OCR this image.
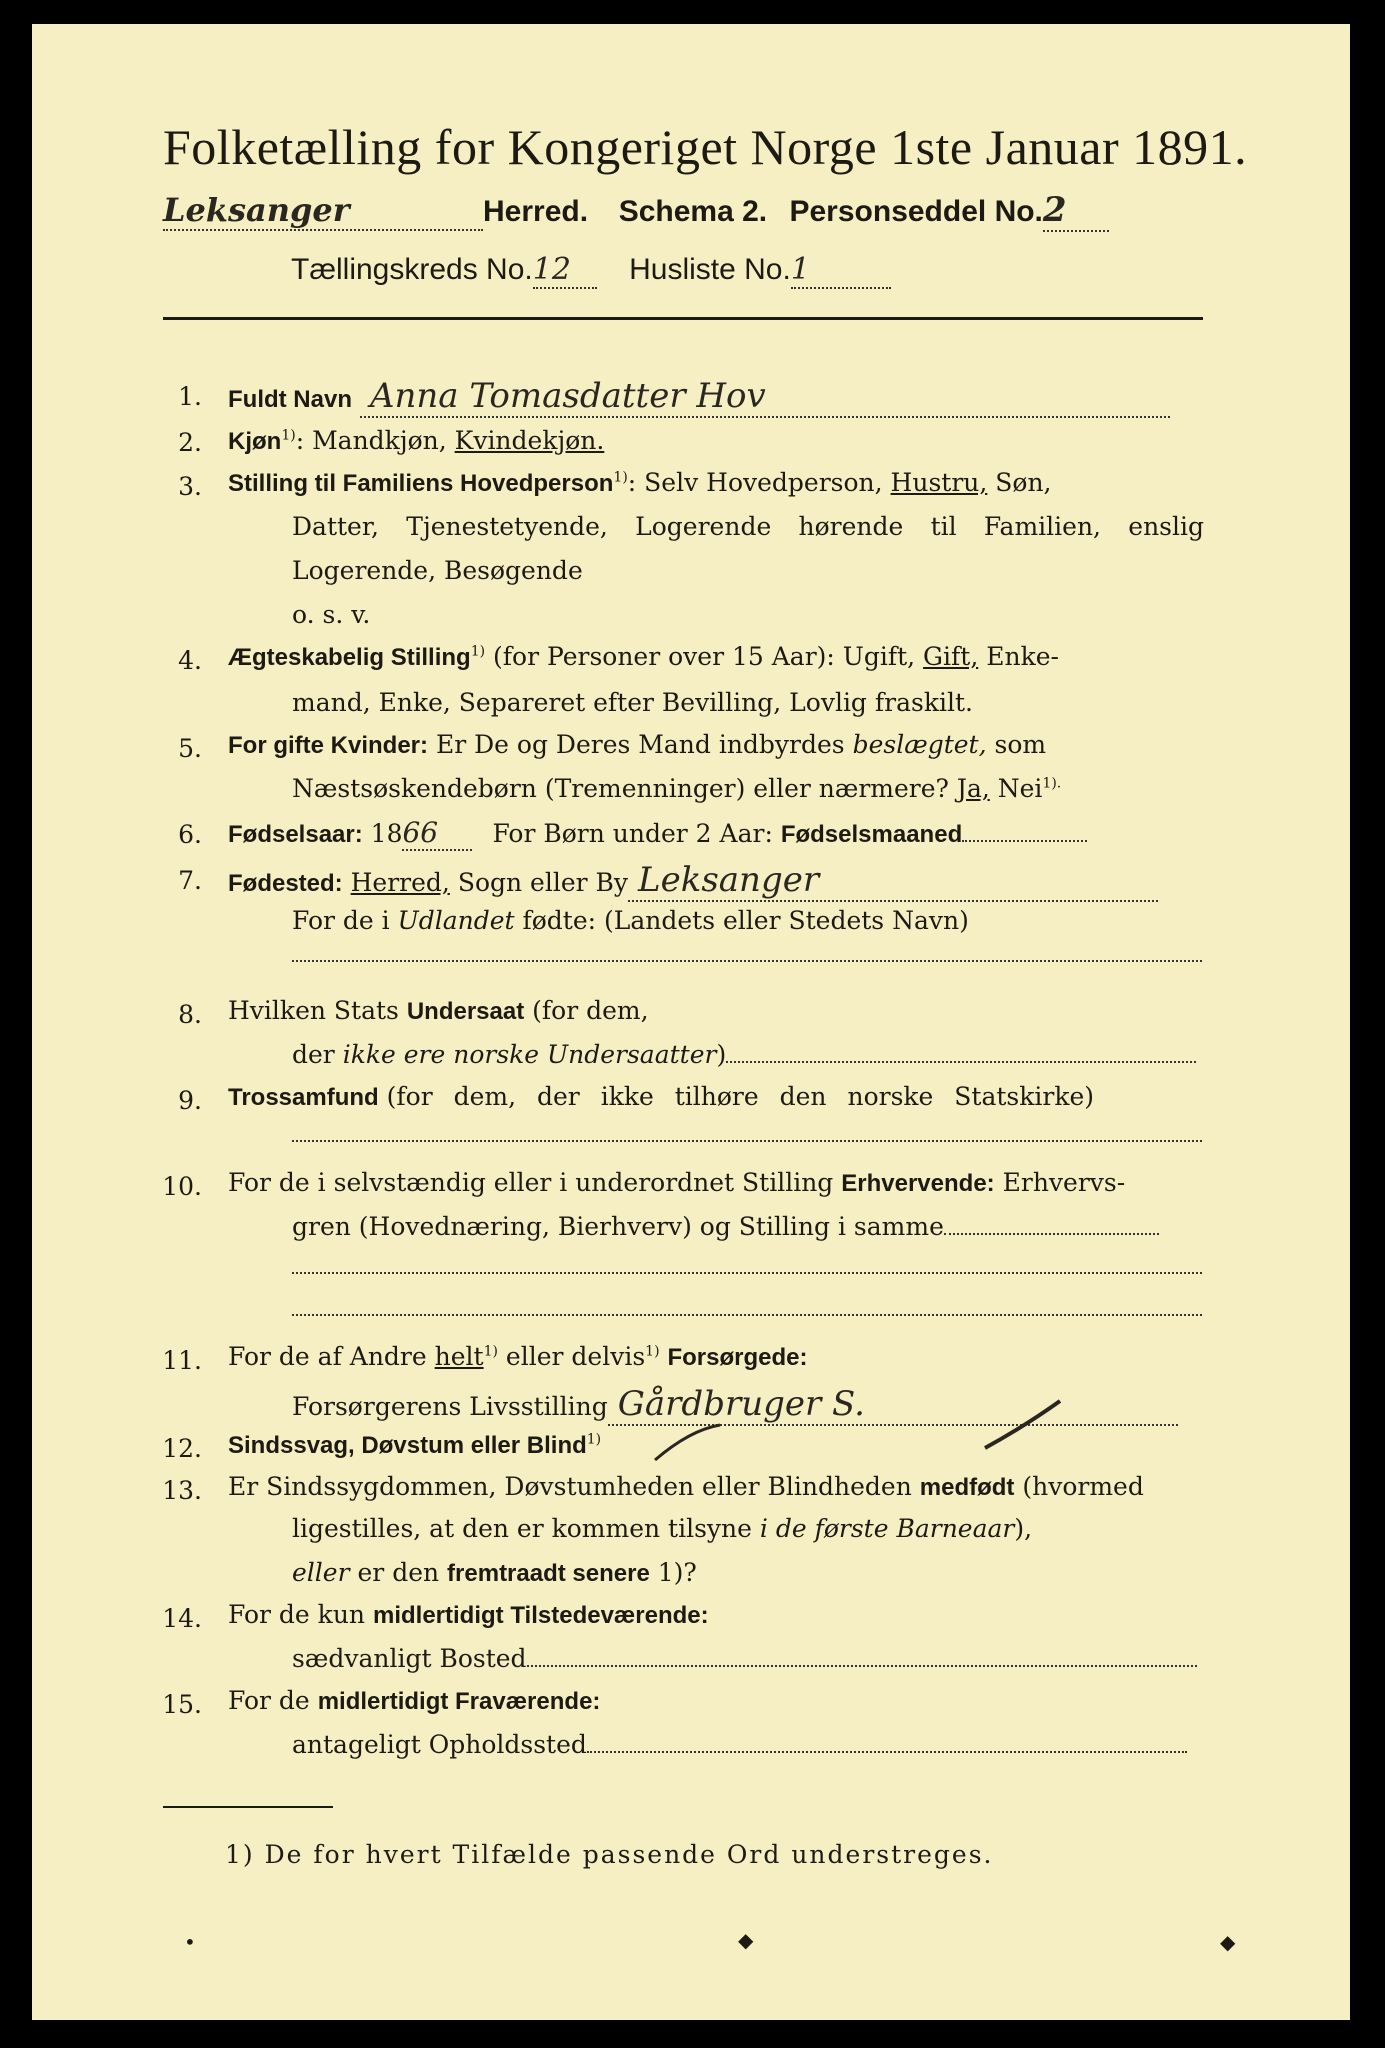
Folketælling for Kongeriget Norge 1ste Januar 1891.
Leksanger	Herred. Schema 2. Personseddel No.2
Tællingskreds No.12 Husliste No.1
1. Fuldt Navn Anna Tomasdatter Hov
2. Kjøn$^{1)}$: Mandkjøn, Kvindekjøn.
3. Stilling til Familiens Hovedperson$^{1)}$: Selv Hovedperson, Hustru, Søn,
Datter, Tjenestetyende, Logerende hørende til Familien, enslig
Logerende, Besøgende
o. s. v.
4. Ægteskabelig Stilling$^{1)}$ (for Personer over 15 Aar): Ugift, Gift, Enke-
mand, Enke, Separeret efter Bevilling, Lovlig fraskilt.
5. For gifte Kvinder: Er De og Deres Mand indbyrdes beslægtet, som
Næstsøskendebørn (Tremenninger) eller nærmere? Ja, Nei$^{1).}$
6. Fødselsaar: 1866 For Børn under 2 Aar: Fødselsmaaned
7. Fødested: Herred, Sogn eller By Leksanger
For de i Udlandet fødte: (Landets eller Stedets Navn)
8. Hvilken Stats Undersaat (for dem,
der ikke ere norske Undersaatter)
9. Trossamfund (for dem, der ikke tilhøre den norske Statskirke)
10. For de i selvstændig eller i underordnet Stilling Erhvervende: Erhvervs-
gren (Hovednæring, Bierhverv) og Stilling i samme
11. For de af Andre helt$^{1)}$ eller delvis$^{1)}$ Forsørgede:
Forsørgerens Livsstilling Gårdbruger S.
12. Sindssvag, Døvstum eller Blind$^{1)}$
13. Er Sindssygdommen, Døvstumheden eller Blindheden medfødt (hvormed
ligestilles, at den er kommen tilsyne i de første Barneaar),
eller er den fremtraadt senere 1)?
14. For de kun midlertidigt Tilstedeværende:
sædvanligt Bosted
15. For de midlertidigt Fraværende:
antageligt Opholdssted
1) De for hvert Tilfælde passende Ord understreges.
•	◆	◆
